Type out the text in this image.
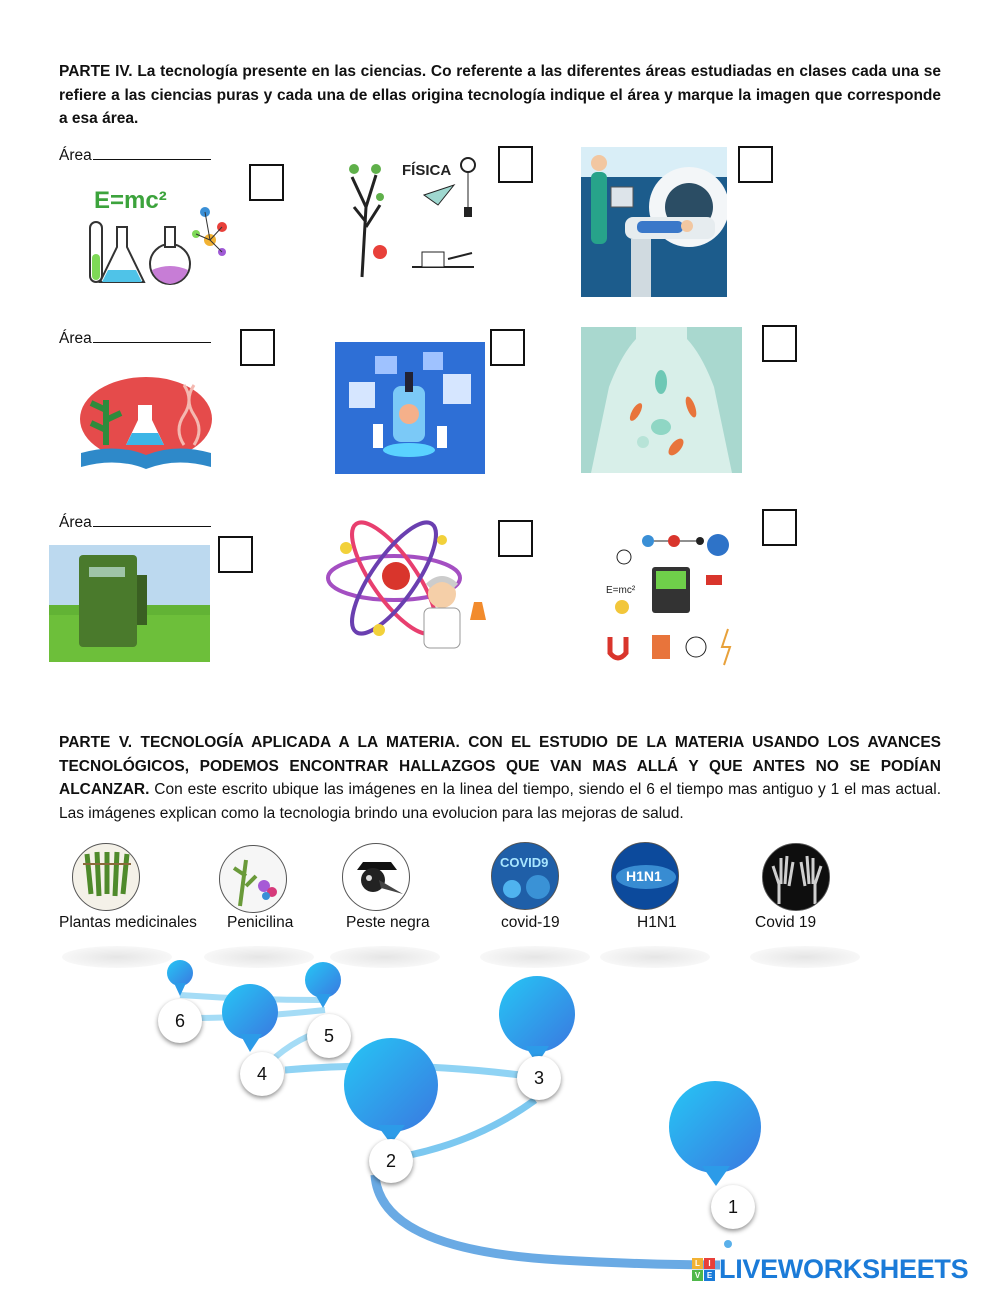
PARTE IV. La tecnología presente en las ciencias. Co referente a las diferentes áreas estudiadas en clases cada una se refiere a las ciencias puras y cada una de ellas origina tecnología indique el área y marque la imagen que corresponde a esa área.

Área
E=mc²
FÍSICA
Área
Área
E=mc²

PARTE V. TECNOLOGÍA APLICADA A LA MATERIA. CON EL ESTUDIO DE LA MATERIA USANDO LOS AVANCES TECNOLÓGICOS, PODEMOS ENCONTRAR HALLAZGOS QUE VAN MAS ALLÁ Y QUE ANTES NO SE PODÍAN ALCANZAR. Con este escrito ubique las imágenes en la linea del tiempo, siendo el 6 el tiempo mas antiguo y 1 el mas actual. Las imágenes explican como la tecnologia brindo una evolucion para las mejoras de salud.

COVID9
H1N1
Plantas medicinales Penicilina	Peste negra	covid-19	H1N1	Covid 19
6
5
4	3
2
1
L	I
V E LIVEWORKSHEETS
